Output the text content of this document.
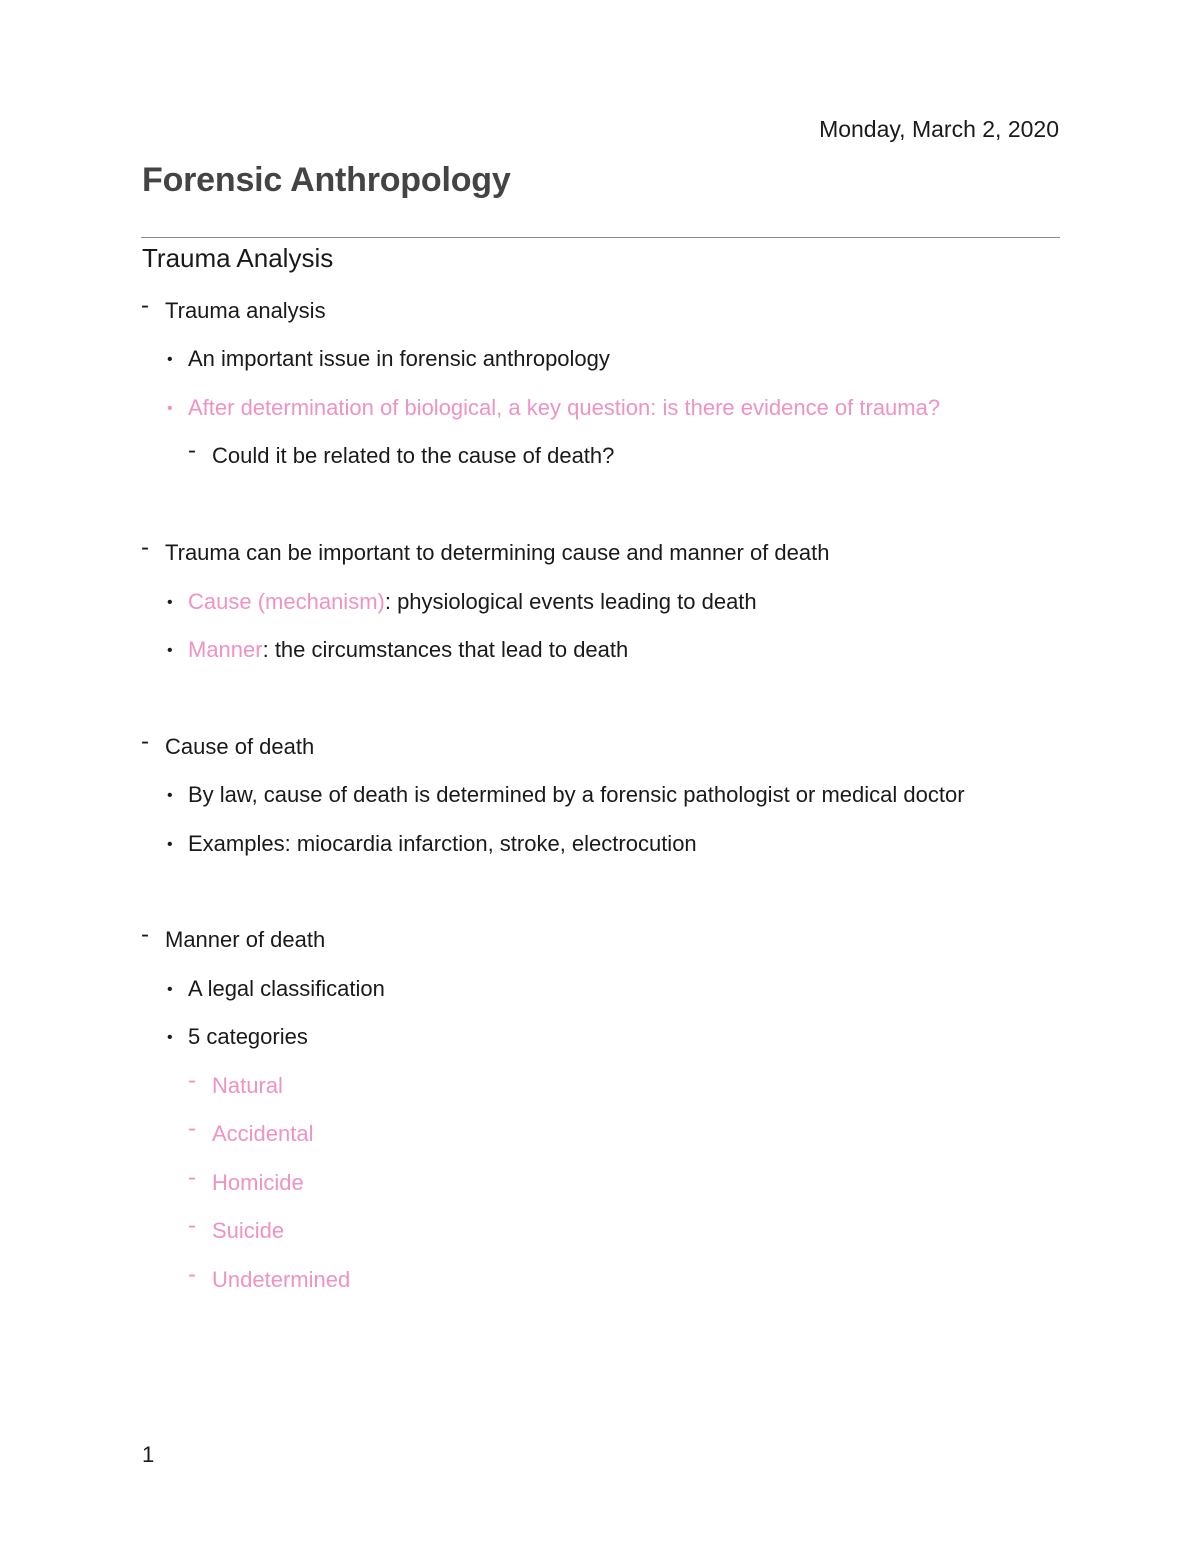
Monday, March 2, 2020
Forensic Anthropology
Trauma Analysis
- Trauma analysis
• An important issue in forensic anthropology
• After determination of biological, a key question: is there evidence of trauma?
- Could it be related to the cause of death?
- Trauma can be important to determining cause and manner of death
• Cause (mechanism): physiological events leading to death
• Manner: the circumstances that lead to death
- Cause of death
• By law, cause of death is determined by a forensic pathologist or medical doctor
• Examples: miocardia infarction, stroke, electrocution
- Manner of death
• A legal classification
• 5 categories
- Natural
- Accidental
- Homicide
- Suicide
- Undetermined
1
